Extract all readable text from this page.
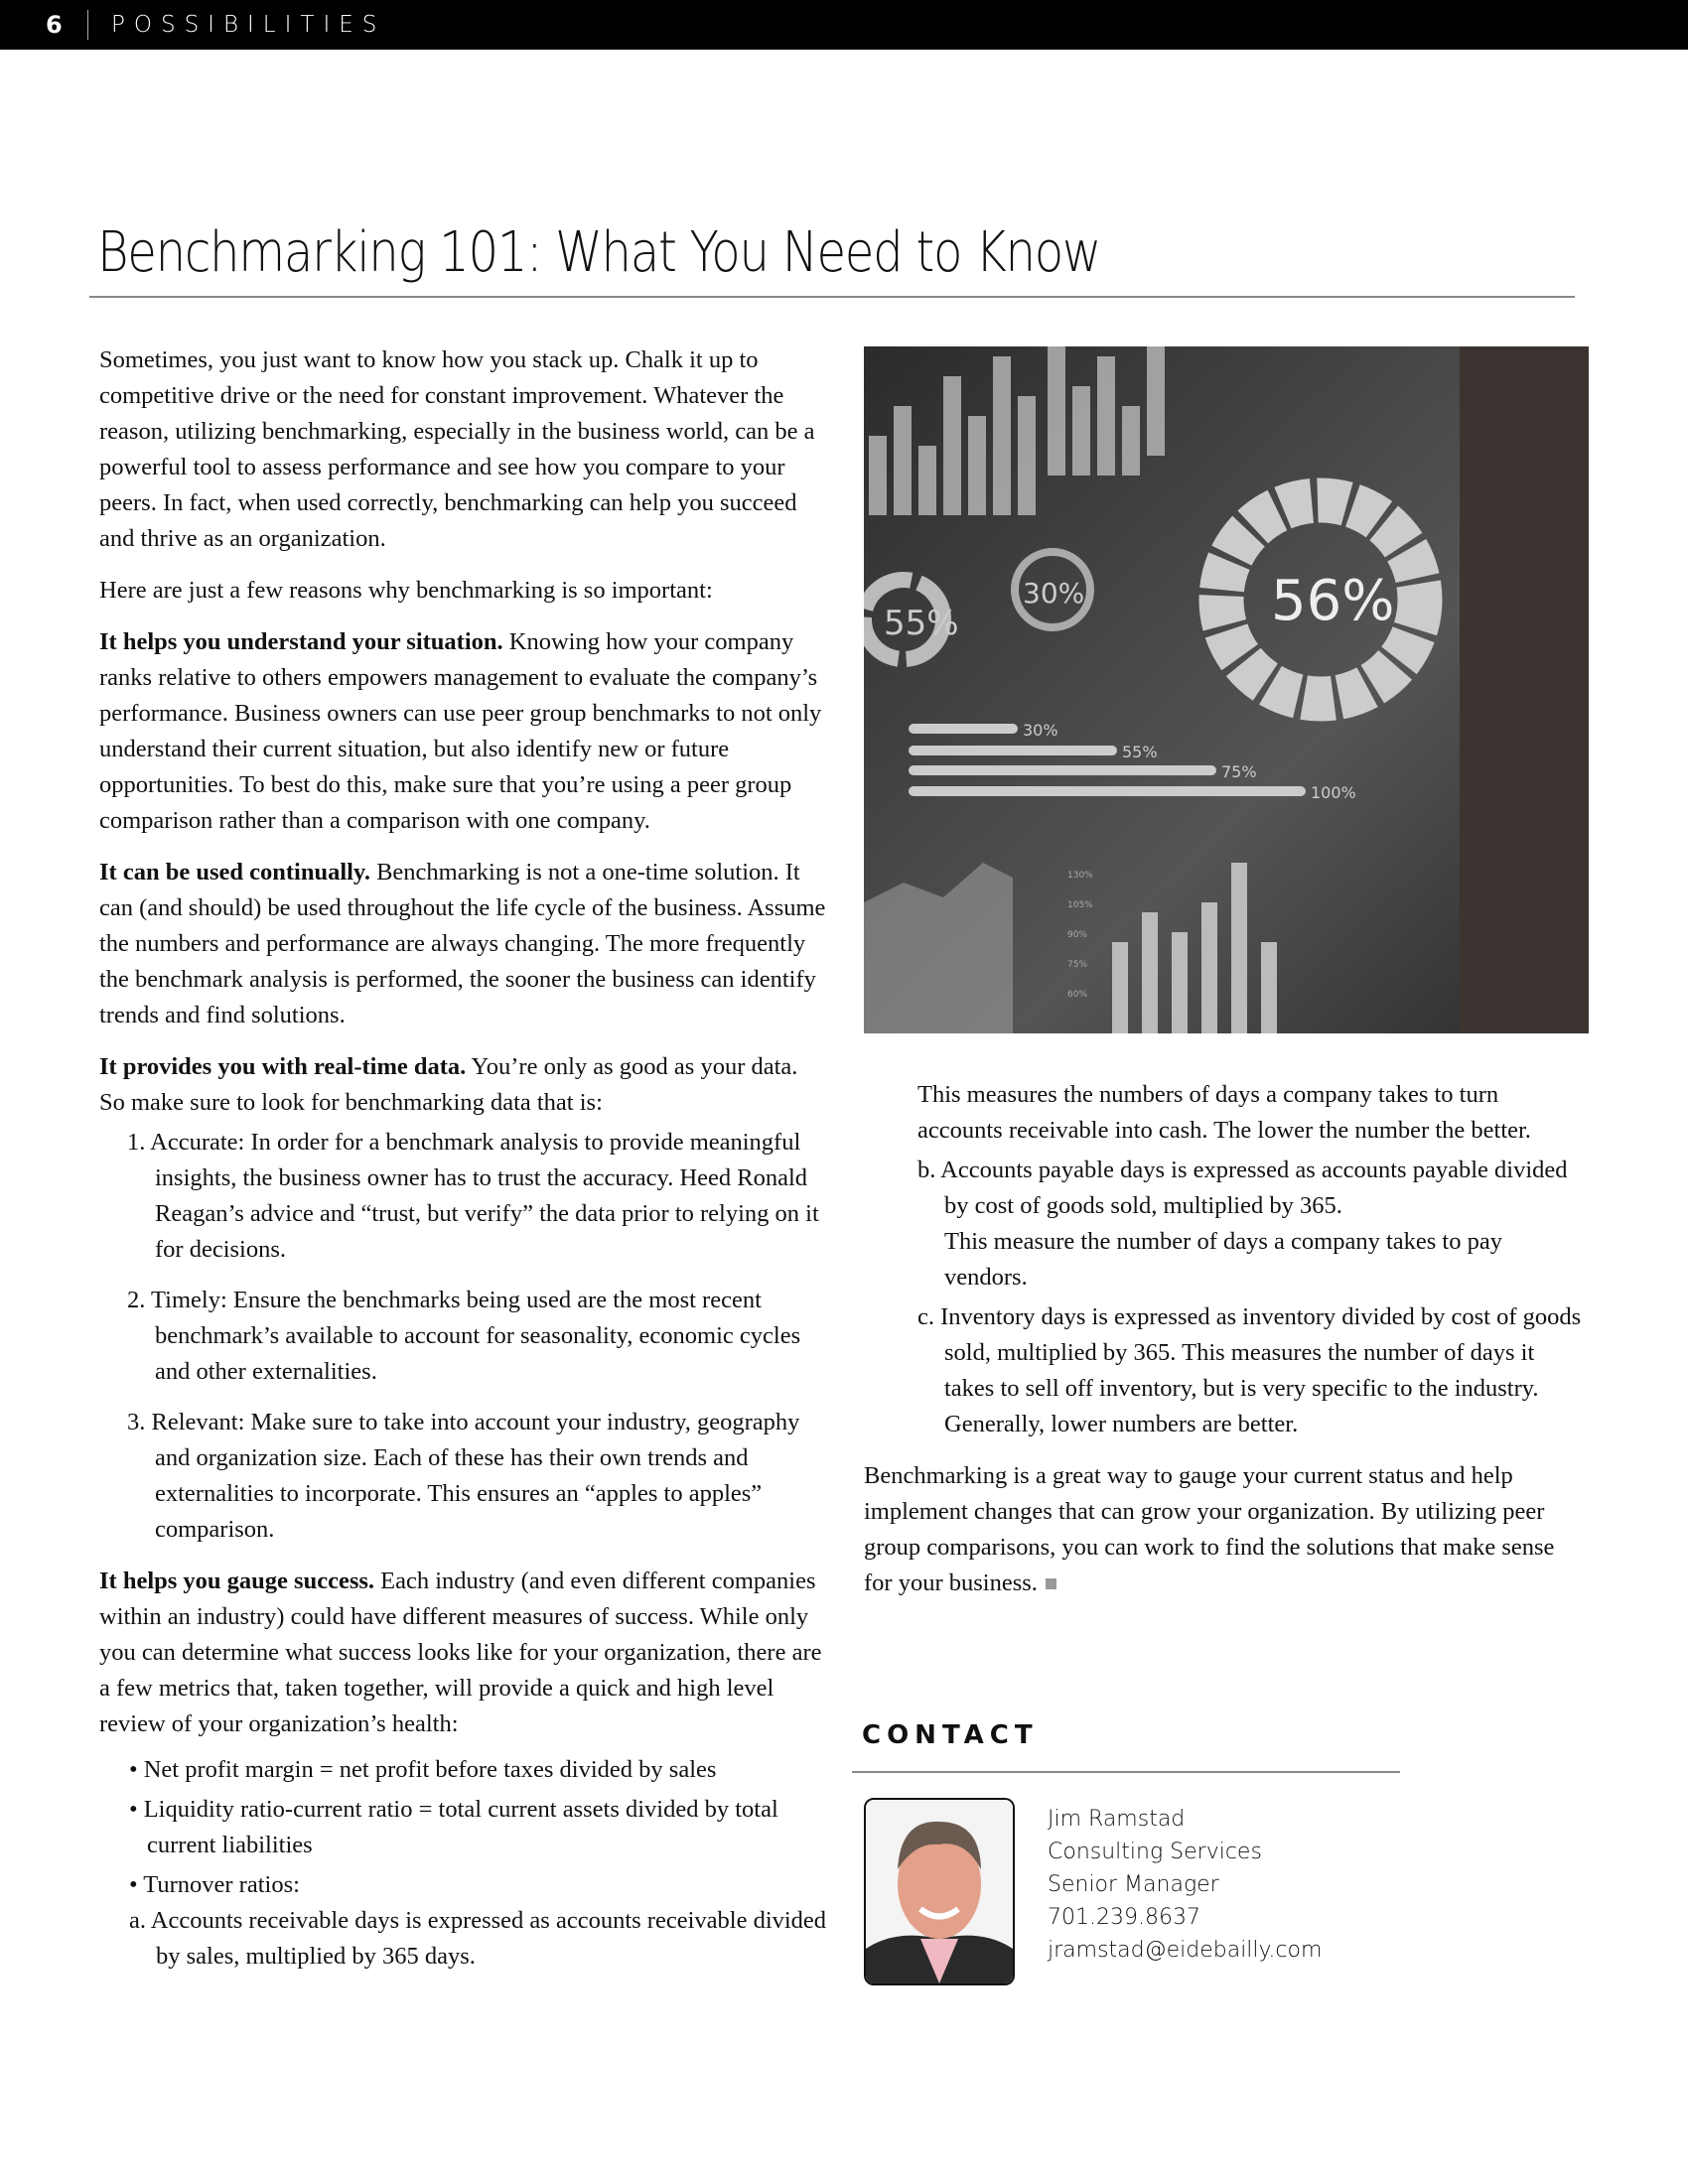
6 POSSIBILITIES
Benchmarking 101: What You Need to Know

Sometimes, you just want to know how you stack up. Chalk it up to competitive drive or the need for constant improvement. Whatever the reason, utilizing benchmarking, especially in the business world, can be a powerful tool to assess performance and see how you compare to your peers. In fact, when used correctly, benchmarking can help you succeed and thrive as an organization.

Here are just a few reasons why benchmarking is so important:

It helps you understand your situation. Knowing how your company ranks relative to others empowers management to evaluate the company’s performance. Business owners can use peer group benchmarks to not only understand their current situation, but also identify new or future opportunities. To best do this, make sure that you’re using a peer group comparison rather than a comparison with one company.

It can be used continually. Benchmarking is not a one-time solution. It can (and should) be used throughout the life cycle of the business. Assume the numbers and performance are always changing. The more frequently the benchmark analysis is performed, the sooner the business can identify trends and find solutions.

It provides you with real-time data. You’re only as good as your data. So make sure to look for benchmarking data that is:

1. Accurate: In order for a benchmark analysis to provide meaningful insights, the business owner has to trust the accuracy. Heed Ronald Reagan’s advice and “trust, but verify” the data prior to relying on it for decisions.
2. Timely: Ensure the benchmarks being used are the most recent benchmark’s available to account for seasonality, economic cycles and other externalities.
3. Relevant: Make sure to take into account your industry, geography and organization size. Each of these has their own trends and externalities to incorporate. This ensures an “apples to apples” comparison.

It helps you gauge success. Each industry (and even different companies within an industry) could have different measures of success. While only you can determine what success looks like for your organization, there are a few metrics that, taken together, will provide a quick and high level review of your organization’s health:

• Net profit margin = net profit before taxes divided by sales
• Liquidity ratio-current ratio = total current assets divided by total current liabilities
• Turnover ratios:
a. Accounts receivable days is expressed as accounts receivable divided by sales, multiplied by 365 days.
55%
30%	56%
30%
55%
75%
100%
130%
105%
90%
75%
60%
This measures the numbers of days a company takes to turn accounts receivable into cash. The lower the number the better.
b. Accounts payable days is expressed as accounts payable divided by cost of goods sold, multiplied by 365.
This measure the number of days a company takes to pay vendors.
c. Inventory days is expressed as inventory divided by cost of goods sold, multiplied by 365. This measures the number of days it takes to sell off inventory, but is very specific to the industry. Generally, lower numbers are better.

Benchmarking is a great way to gauge your current status and help implement changes that can grow your organization. By utilizing peer group comparisons, you can work to find the solutions that make sense for your business.

CONTACT
Jim Ramstad
Consulting Services
Senior Manager
701.239.8637
jramstad@eidebailly.com
